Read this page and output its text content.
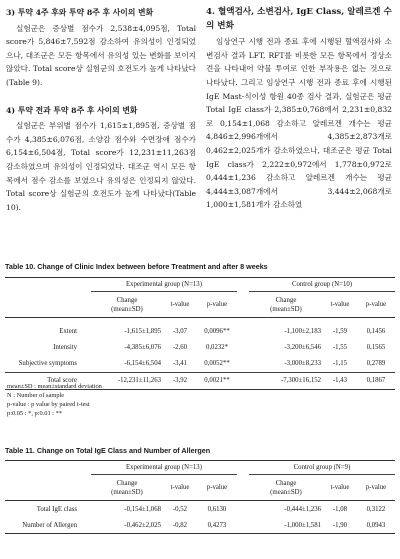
3) 투약 4주 후와 투약 8주 후 사이의 변화
실험군은 증상별 점수가 2,538±4,095점, Total score가 5,846±7,592점 감소하여 유의성이 인정되었으나, 대조군은 모든 항목에서 유의성 있는 변화를 보이지 않았다. Total score상 실험군의 호전도가 높게 나타났다(Table 9).
4) 투약 전과 투약 8주 후 사이의 변화
실험군은 부위별 점수가 1,615±1,895점, 증상별 점수가 4,385±6,076점, 소양감 점수와 수면장애 점수가 6,154±6,504점, Total score가 12,231±11,263점 감소하였으며 유의성이 인정되었다. 대조군 역시 모든 항목에서 점수 감소를 보였으나 유의성은 인정되지 않았다. Total score상 실험군의 호전도가 높게 나타났다(Table 10).
4. 혈액검사, 소변검사, IgE Class, 알레르겐 수의 변화
임상연구 시행 전과 종료 후에 시행된 혈액검사와 소변검사 결과 LFT, RFT를 비롯한 모든 항목에서 정상소견을 나타내어 약물 투여로 인한 부작용은 없는 것으로 나타났다. 그리고 임상연구 시행 전과 종료 후에 시행된 IgE Mast-식이성 항원 40종 검사 결과, 실험군은 평균 Total IgE class가 2,385±0,768에서 2,231±0,832로 0,154±1,068 감소하고 알레르겐 개수는 평균 4,846±2,996개에서 4,385±2,873개로 0,462±2,025개가 감소하였으나, 대조군은 평균 Total IgE class가 2,222±0,972에서 1,778±0,972로 0,444±1,236 감소하고 알레르겐 개수는 평균 4,444±3,087개에서 3,444±2,068개로 1,000±1,581개가 감소하였
Table 10. Change of Clinic Index between before Treatment and after 8 weeks
	Experimental group (N=13)				Control group (N=10)		
	Change
(mean±SD)	t-value	p-value		Change
(mean±SD)	t-value	p-value

Extent	-1,615±1,895	-3,07	0,0096**		-1,100±2,183	-1,59	0,1456
Intensity	-4,385±6,076	-2,60	0,0232*		-3,200±6,546	-1,55	0,1565
Subjective symptoms	-6,154±6,504	-3,41	0,0052**		-3,000±8,233	-1,15	0,2789
Total score	-12,231±11,263	-3,92	0,0021**		-7,300±16,152	-1,43	0,1867
mean±SD : mean±standard deviation
N : Number of sample
p-value : p value by paired t-test
p:0.05 : *, p:0.01 : **
Table 11. Change on Total IgE Class and Number of Allergen
	Experimental group (N=13)				Control group (N=9)		
	Change
(mean±SD)	t-value	p-value		Change
(mean±SD)	t-value	p-value
Total IgE class	-0,154±1,068	-0,52	0,6130		-0,444±1,236	-1,08	0,3122
Number of Allergen	-0,462±2,025	-0,82	0,4273		-1,000±1,581	-1,90	0,0943
